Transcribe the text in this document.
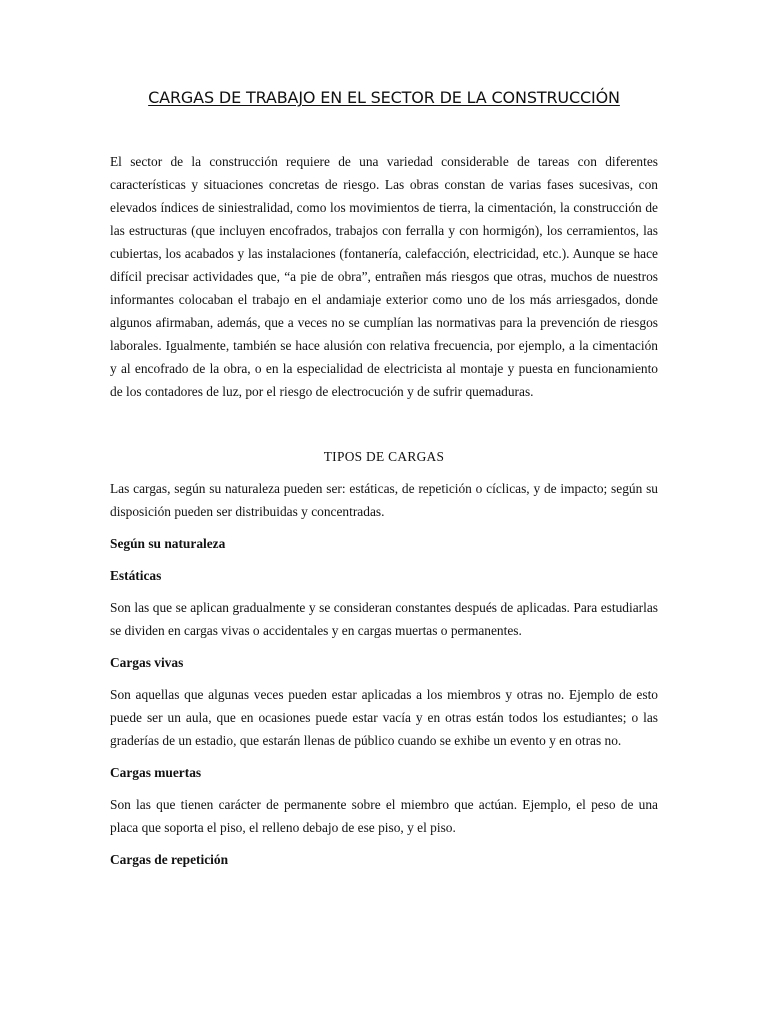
CARGAS DE TRABAJO EN EL SECTOR DE LA CONSTRUCCIÓN

El sector de la construcción requiere de una variedad considerable de tareas con diferentes características y situaciones concretas de riesgo. Las obras constan de varias fases sucesivas, con elevados índices de siniestralidad, como los movimientos de tierra, la cimentación, la construcción de las estructuras (que incluyen encofrados, trabajos con ferralla y con hormigón), los cerramientos, las cubiertas, los acabados y las instalaciones (fontanería, calefacción, electricidad, etc.). Aunque se hace difícil precisar actividades que, “a pie de obra”, entrañen más riesgos que otras, muchos de nuestros informantes colocaban el trabajo en el andamiaje exterior como uno de los más arriesgados, donde algunos afirmaban, además, que a veces no se cumplían las normativas para la prevención de riesgos laborales. Igualmente, también se hace alusión con relativa frecuencia, por ejemplo, a la cimentación y al encofrado de la obra, o en la especialidad de electricista al montaje y puesta en funcionamiento de los contadores de luz, por el riesgo de electrocución y de sufrir quemaduras.

TIPOS DE CARGAS

Las cargas, según su naturaleza pueden ser: estáticas, de repetición o cíclicas, y de impacto; según su disposición pueden ser distribuidas y concentradas.

Según su naturaleza

Estáticas

Son las que se aplican gradualmente y se consideran constantes después de aplicadas. Para estudiarlas se dividen en cargas vivas o accidentales y en cargas muertas o permanentes.

Cargas vivas

Son aquellas que algunas veces pueden estar aplicadas a los miembros y otras no. Ejemplo de esto puede ser un aula, que en ocasiones puede estar vacía y en otras están todos los estudiantes; o las graderías de un estadio, que estarán llenas de público cuando se exhibe un evento y en otras no.

Cargas muertas

Son las que tienen carácter de permanente sobre el miembro que actúan. Ejemplo, el peso de una placa que soporta el piso, el relleno debajo de ese piso, y el piso.

Cargas de repetición
